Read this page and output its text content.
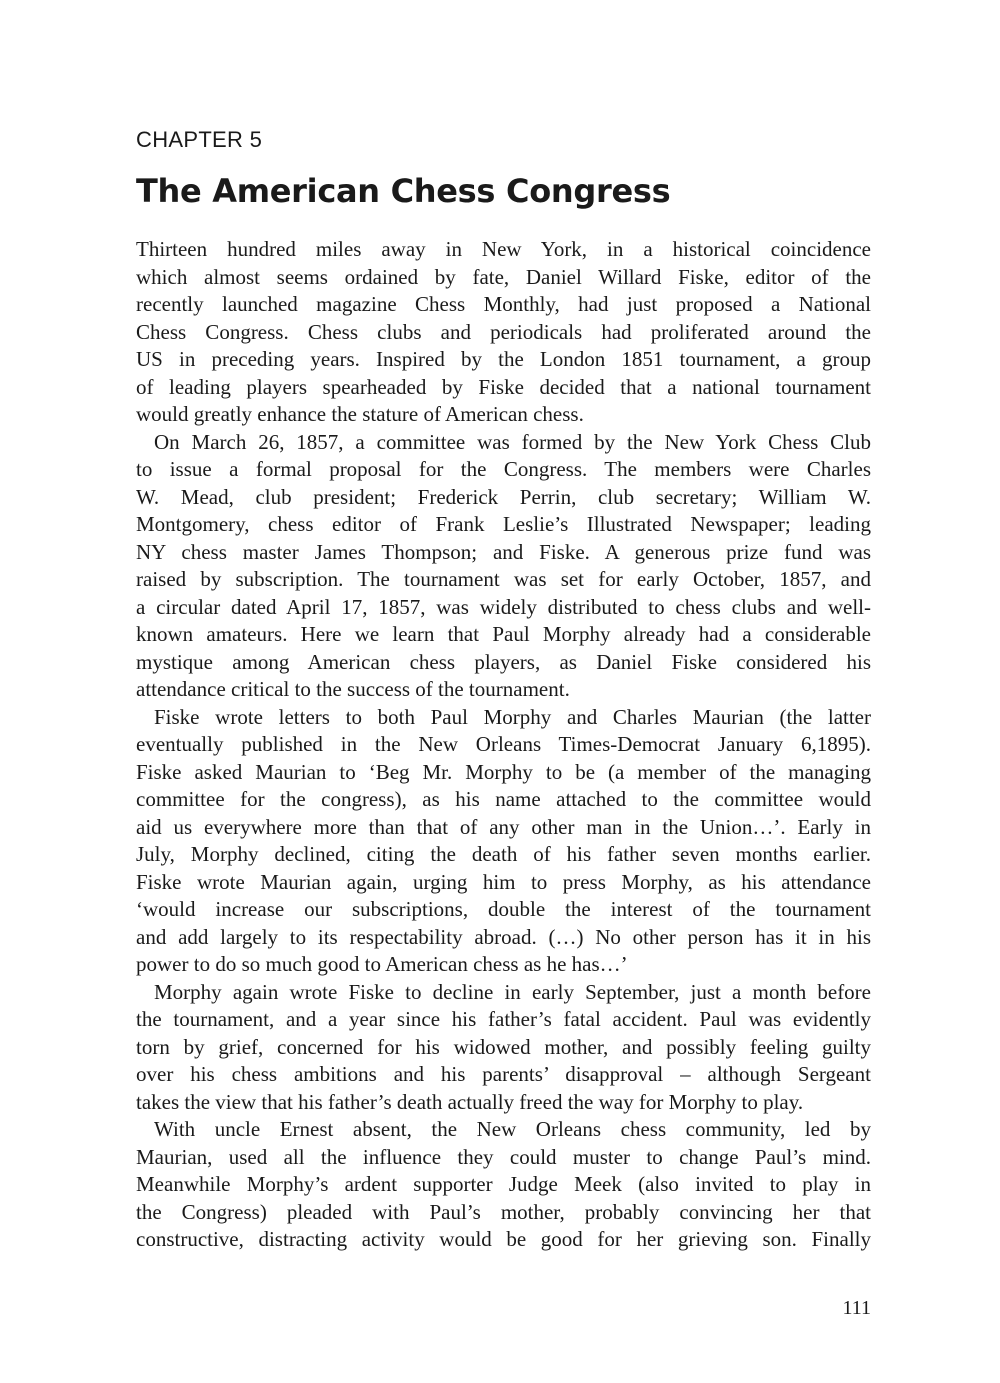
CHAPTER 5
The American Chess Congress

Thirteen hundred miles away in New York, in a historical coincidence
which almost seems ordained by fate, Daniel Willard Fiske, editor of the
recently launched magazine Chess Monthly, had just proposed a National
Chess Congress. Chess clubs and periodicals had proliferated around the
US in preceding years. Inspired by the London 1851 tournament, a group
of leading players spearheaded by Fiske decided that a national tournament
would greatly enhance the stature of American chess.

On March 26, 1857, a committee was formed by the New York Chess Club
to issue a formal proposal for the Congress. The members were Charles
W. Mead, club president; Frederick Perrin, club secretary; William W.
Montgomery, chess editor of Frank Leslie’s Illustrated Newspaper; leading
NY chess master James Thompson; and Fiske. A generous prize fund was
raised by subscription. The tournament was set for early October, 1857, and
a circular dated April 17, 1857, was widely distributed to chess clubs and well-
known amateurs. Here we learn that Paul Morphy already had a considerable
mystique among American chess players, as Daniel Fiske considered his
attendance critical to the success of the tournament.

Fiske wrote letters to both Paul Morphy and Charles Maurian (the latter
eventually published in the New Orleans Times-Democrat January 6,1895).
Fiske asked Maurian to ‘Beg Mr. Morphy to be (a member of the managing
committee for the congress), as his name attached to the committee would
aid us everywhere more than that of any other man in the Union…’. Early in
July, Morphy declined, citing the death of his father seven months earlier.
Fiske wrote Maurian again, urging him to press Morphy, as his attendance
‘would increase our subscriptions, double the interest of the tournament
and add largely to its respectability abroad. (…) No other person has it in his
power to do so much good to American chess as he has…’

Morphy again wrote Fiske to decline in early September, just a month before
the tournament, and a year since his father’s fatal accident. Paul was evidently
torn by grief, concerned for his widowed mother, and possibly feeling guilty
over his chess ambitions and his parents’ disapproval – although Sergeant
takes the view that his father’s death actually freed the way for Morphy to play.

With uncle Ernest absent, the New Orleans chess community, led by
Maurian, used all the influence they could muster to change Paul’s mind.
Meanwhile Morphy’s ardent supporter Judge Meek (also invited to play in
the Congress) pleaded with Paul’s mother, probably convincing her that
constructive, distracting activity would be good for her grieving son. Finally

111
